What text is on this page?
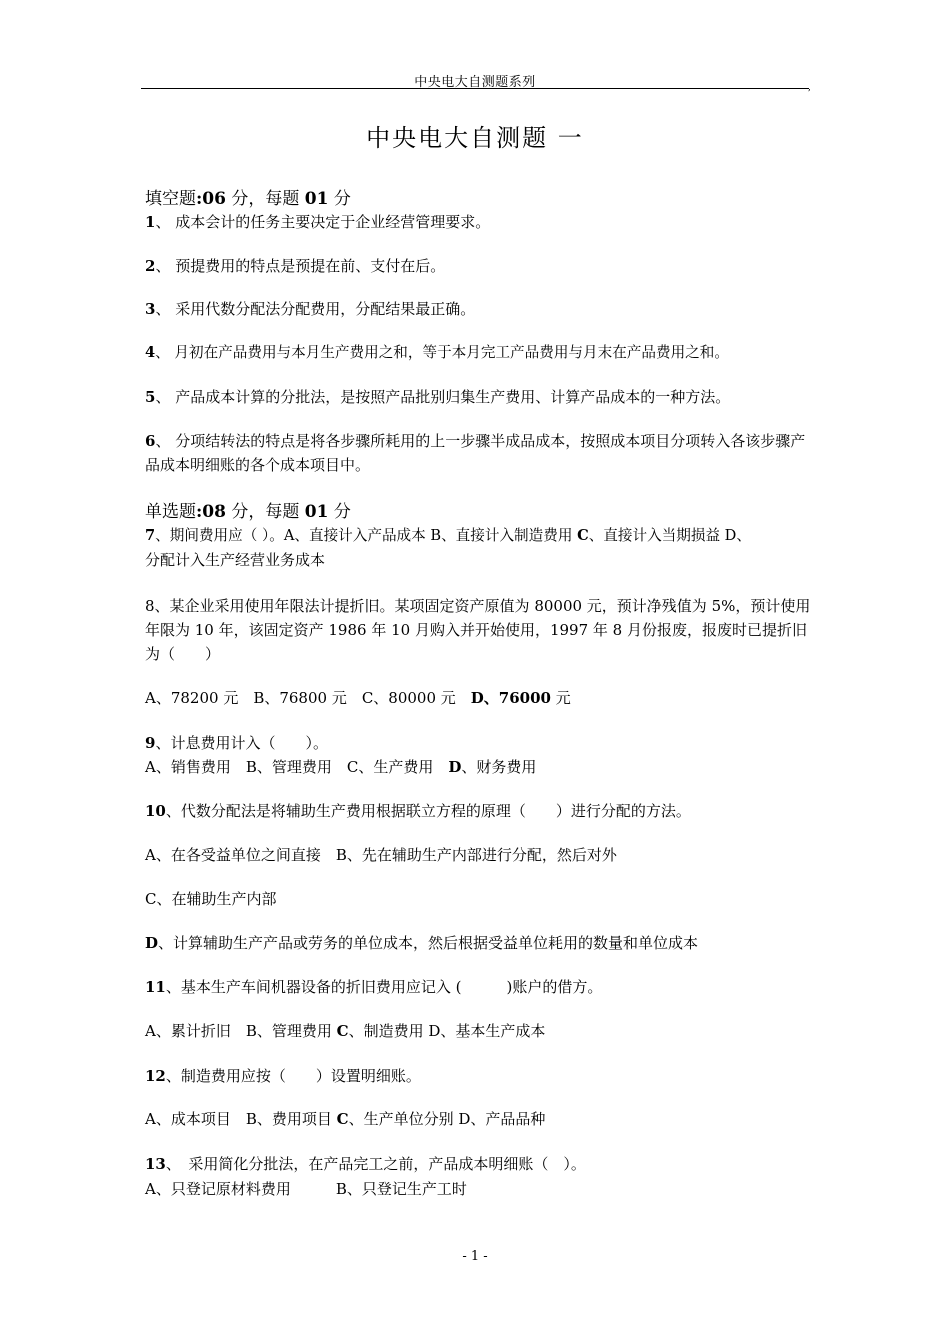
中央电大自测题系列	,
中央电大自测题 一
填空题:06 分，每题 01 分
1、 成本会计的任务主要决定于企业经营管理要求。
2、 预提费用的特点是预提在前、支付在后。
3、 采用代数分配法分配费用，分配结果最正确。
4、 月初在产品费用与本月生产费用之和，等于本月完工产品费用与月末在产品费用之和。
5、 产品成本计算的分批法，是按照产品批别归集生产费用、计算产品成本的一种方法。
6、 分项结转法的特点是将各步骤所耗用的上一步骤半成品成本，按照成本项目分项转入各该步骤产品成本明细账的各个成本项目中。
单选题:08 分，每题 01 分
7、期间费用应（ ）。A、直接计入产品成本 B、直接计入制造费用 C、直接计入当期损益 D、
分配计入生产经营业务成本
8、某企业采用使用年限法计提折旧。某项固定资产原值为 80000 元，预计净残值为 5%，预计使用年限为 10 年，该固定资产 1986 年 10 月购入并开始使用，1997 年 8 月份报废，报废时已提折旧为（　　）
A、78200 元　B、76800 元　C、80000 元　D、76000 元
9、计息费用计入（　　）。
A、销售费用　B、管理费用　C、生产费用　D、财务费用
10、代数分配法是将辅助生产费用根据联立方程的原理（　　）进行分配的方法。
A、在各受益单位之间直接　B、先在辅助生产内部进行分配，然后对外
C、在辅助生产内部
D、计算辅助生产产品或劳务的单位成本，然后根据受益单位耗用的数量和单位成本
11、基本生产车间机器设备的折旧费用应记入 (　　　)账户的借方。
A、累计折旧　B、管理费用 C、制造费用 D、基本生产成本
12、制造费用应按（　　）设置明细账。
A、成本项目　B、费用项目 C、生产单位分别 D、产品品种
13、　采用简化分批法，在产品完工之前，产品成本明细账（　）。
A、只登记原材料费用　　　B、只登记生产工时
- 1 -
